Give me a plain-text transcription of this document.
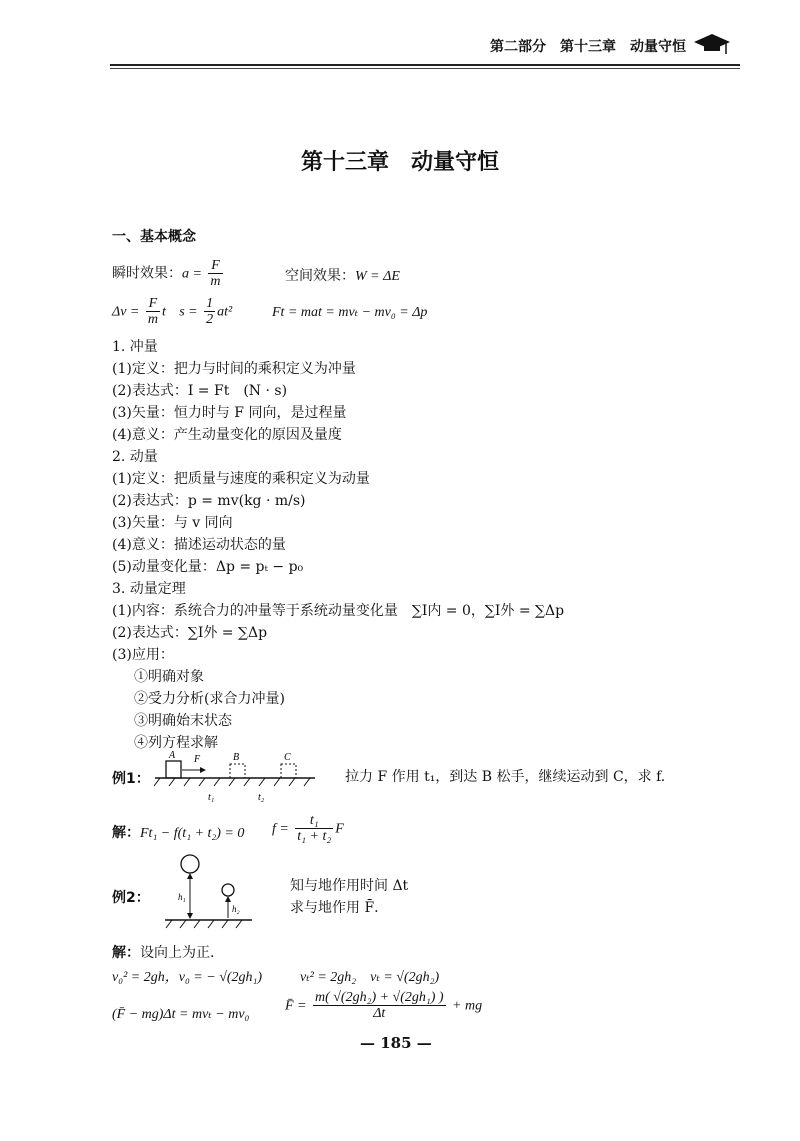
第二部分　第十三章　动量守恒
第十三章　动量守恒
一、基本概念
瞬时效果：$a = \frac{F}{m}$	空间效果：W = ΔE
$\Delta v = \frac{F}{m}$ t $s = \frac{1}{2} at^2$	Ft = mat = mvₜ − mv₀ = Δp
1. 冲量
(1)定义：把力与时间的乘积定义为冲量
(2)表达式：I = Ft　(N · s)
(3)矢量：恒力时与 F 同向，是过程量
(4)意义：产生动量变化的原因及量度
2. 动量
(1)定义：把质量与速度的乘积定义为动量
(2)表达式：p = mv(kg · m/s)
(3)矢量：与 v 同向
(4)意义：描述运动状态的量
(5)动量变化量：Δp = pₜ − p₀
3. 动量定理
(1)内容：系统合力的冲量等于系统动量变化量　∑I内 = 0，∑I外 = ∑Δp
(2)表达式：∑I外 = ∑Δp
(3)应用：
①明确对象
②受力分析(求合力冲量)
③明确始末状态
④列方程求解
例1：
A F	B	C
t₁	t₂
拉力 F 作用 t₁，到达 B 松手，继续运动到 C，求 f.
解：Ft₁ − f(t₁ + t₂) = 0 $f = \frac{\text{t₁}}{\text{t₁ + t₂}}$ F
例2：	h₁
h₂
知与地作用时间 Δt
求与地作用 F̄.
解：设向上为正.
v₀² = 2gh，v₀ = − √(2gh₁)	vₜ² = 2gh₂　vₜ = √(2gh₂)
(F̄ − mg)Δt = mvₜ − mv₀
F̄ = $\frac{\text{m( √(2gh₂) + √(2gh₁) )}}{\Delta t}$ + mg
— 185 —
